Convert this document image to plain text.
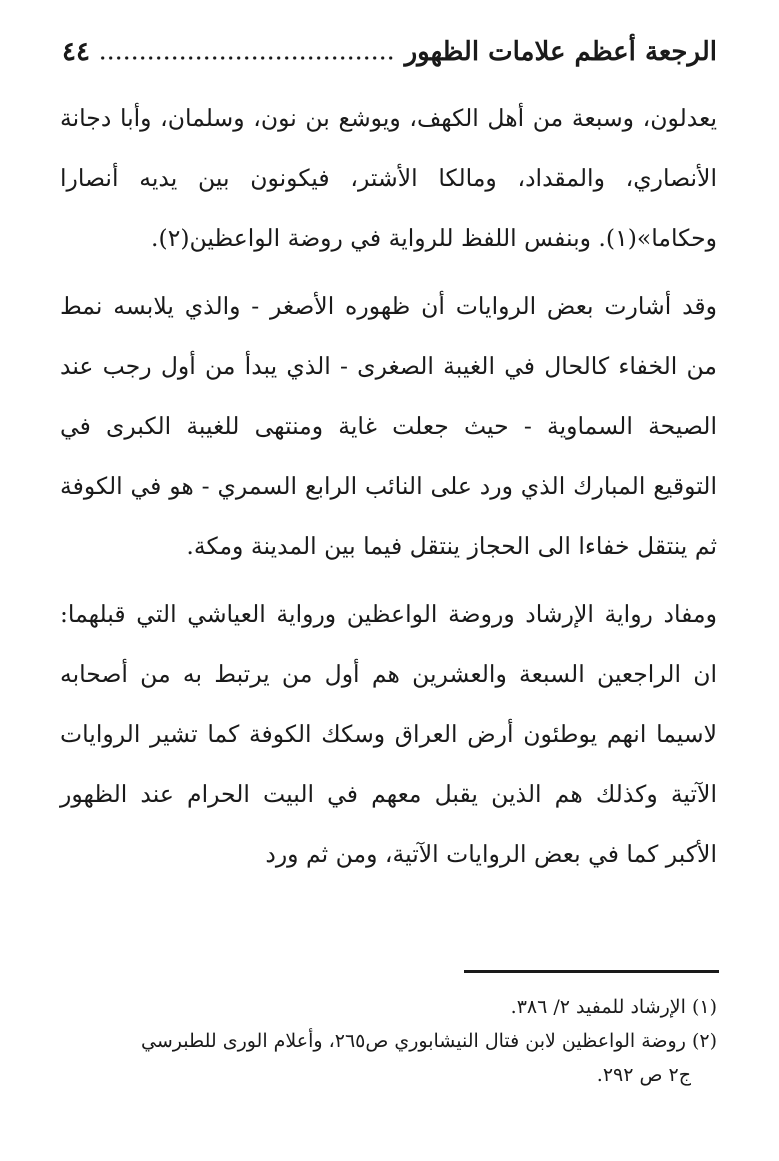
الرجعة أعظم علامات الظهور
٤٤

يعدلون، وسبعة من أهل الكهف، ويوشع بن نون، وسلمان، وأبا دجانة الأنصاري، والمقداد، ومالكا الأشتر، فيكونون بين يديه أنصارا وحكاما»(١). وبنفس اللفظ للرواية في روضة الواعظين(٢).

وقد أشارت بعض الروايات أن ظهوره الأصغر - والذي يلابسه نمط من الخفاء كالحال في الغيبة الصغرى - الذي يبدأ من أول رجب عند الصيحة السماوية - حيث جعلت غاية ومنتهى للغيبة الكبرى في التوقيع المبارك الذي ورد على النائب الرابع السمري - هو في الكوفة ثم ينتقل خفاءا الى الحجاز ينتقل فيما بين المدينة ومكة.

ومفاد رواية الإرشاد وروضة الواعظين ورواية العياشي التي قبلهما: ان الراجعين السبعة والعشرين هم أول من يرتبط به من أصحابه لاسيما انهم يوطئون أرض العراق وسكك الكوفة كما تشير الروايات الآتية وكذلك هم الذين يقبل معهم في البيت الحرام عند الظهور الأكبر كما في بعض الروايات الآتية، ومن ثم ورد

(١) الإرشاد للمفيد ٢/ ٣٨٦.

(٢) روضة الواعظين لابن فتال النيشابوري ص٢٦٥، وأعلام الورى للطبرسي

ج٢ ص ٢٩٢.
